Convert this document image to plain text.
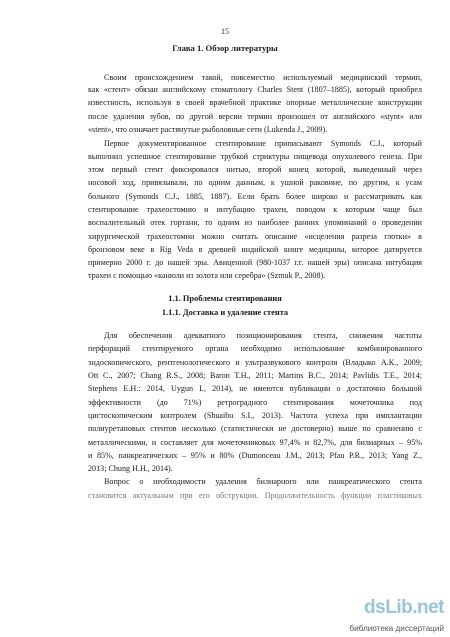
15
Глава 1. Обзор литературы
Своим происхождением такой, повсеместно используемый медицинский термин,
как «стент» обязан английскому стоматологу Charles Stent (1807–1885), который приобрел
известность, используя в своей врачебной практике опорные металлические конструкции
после удаления зубов, по другой версии термин произошел от английского «stynt» или
«stent», что означает растянутые рыболовные сети (Lukenda J., 2009).
Первое документированное стентирование приписывают Symonds C.J., который
выполнил успешное стентирование трубкой стриктуры пищевода опухолевого генеза. При
этом первый стент фиксировался нитью, второй конец которой, выведенный через
носовой ход, привязывали, по одним данным, к ушной раковине, по другим, к усам
больного (Symonds C.J., 1885, 1887). Если брать более широко и рассматривать как
стентирование трахеостомию и интубацию трахеи, поводом к которым чаще был
воспалительный отек гортани, то одним из наиболее ранних упоминаний о проведении
хирургической трахеостомии можно считать описание «исцеления разреза глотки» в
бронзовом веке в Rig Veda в древней индийской книге медицины, которое датируется
примерно 2000 г. до нашей эры. Авиценной (980-1037 г.г. нашей эры) описана интубация
трахеи с помощью «канюли из золота или серебра» (Szmuk P., 2008).
1.1. Проблемы стентирования
1.1.1. Доставка и удаление стента
Для обеспечения адекватного позиционирования стента, снижения частоты
перфораций стентируемого органа необходимо использование комбинированного
эндоскопического, рентгенологического и ультразвукового контроля (Владыко А.К., 2009;
Ott C., 2007; Chang R.S., 2008; Baron T.H., 2011; Martins B.C., 2014; Pavlidis T.E., 2014;
Stephens E.H.: 2014, Uygun I., 2014), не имеются публикации о достаточно большой
эффективности (до 71%) ретроградного стентирования мочеточника под
цистоскопическим контролем (Shuaibu S.I., 2013). Частота успеха при имплантации
полиуретановых стентов несколько (статистически не достоверно) выше по сравнению с
металлическими, и составляет для мочеточниковых 97,4% и 82,7%, для билиарных – 95%
и 85%, панкреатических – 95% и 80% (Dumonceau J.M., 2013; Pfau P.R., 2013; Yang Z.,
2013; Chung H.H., 2014).
Вопрос о необходимости удаления билиарного или панкреатического стента
становится актуальным при его обструкции. Продолжительность функции пластиковых
dsLib.net
библиотека диссертаций
